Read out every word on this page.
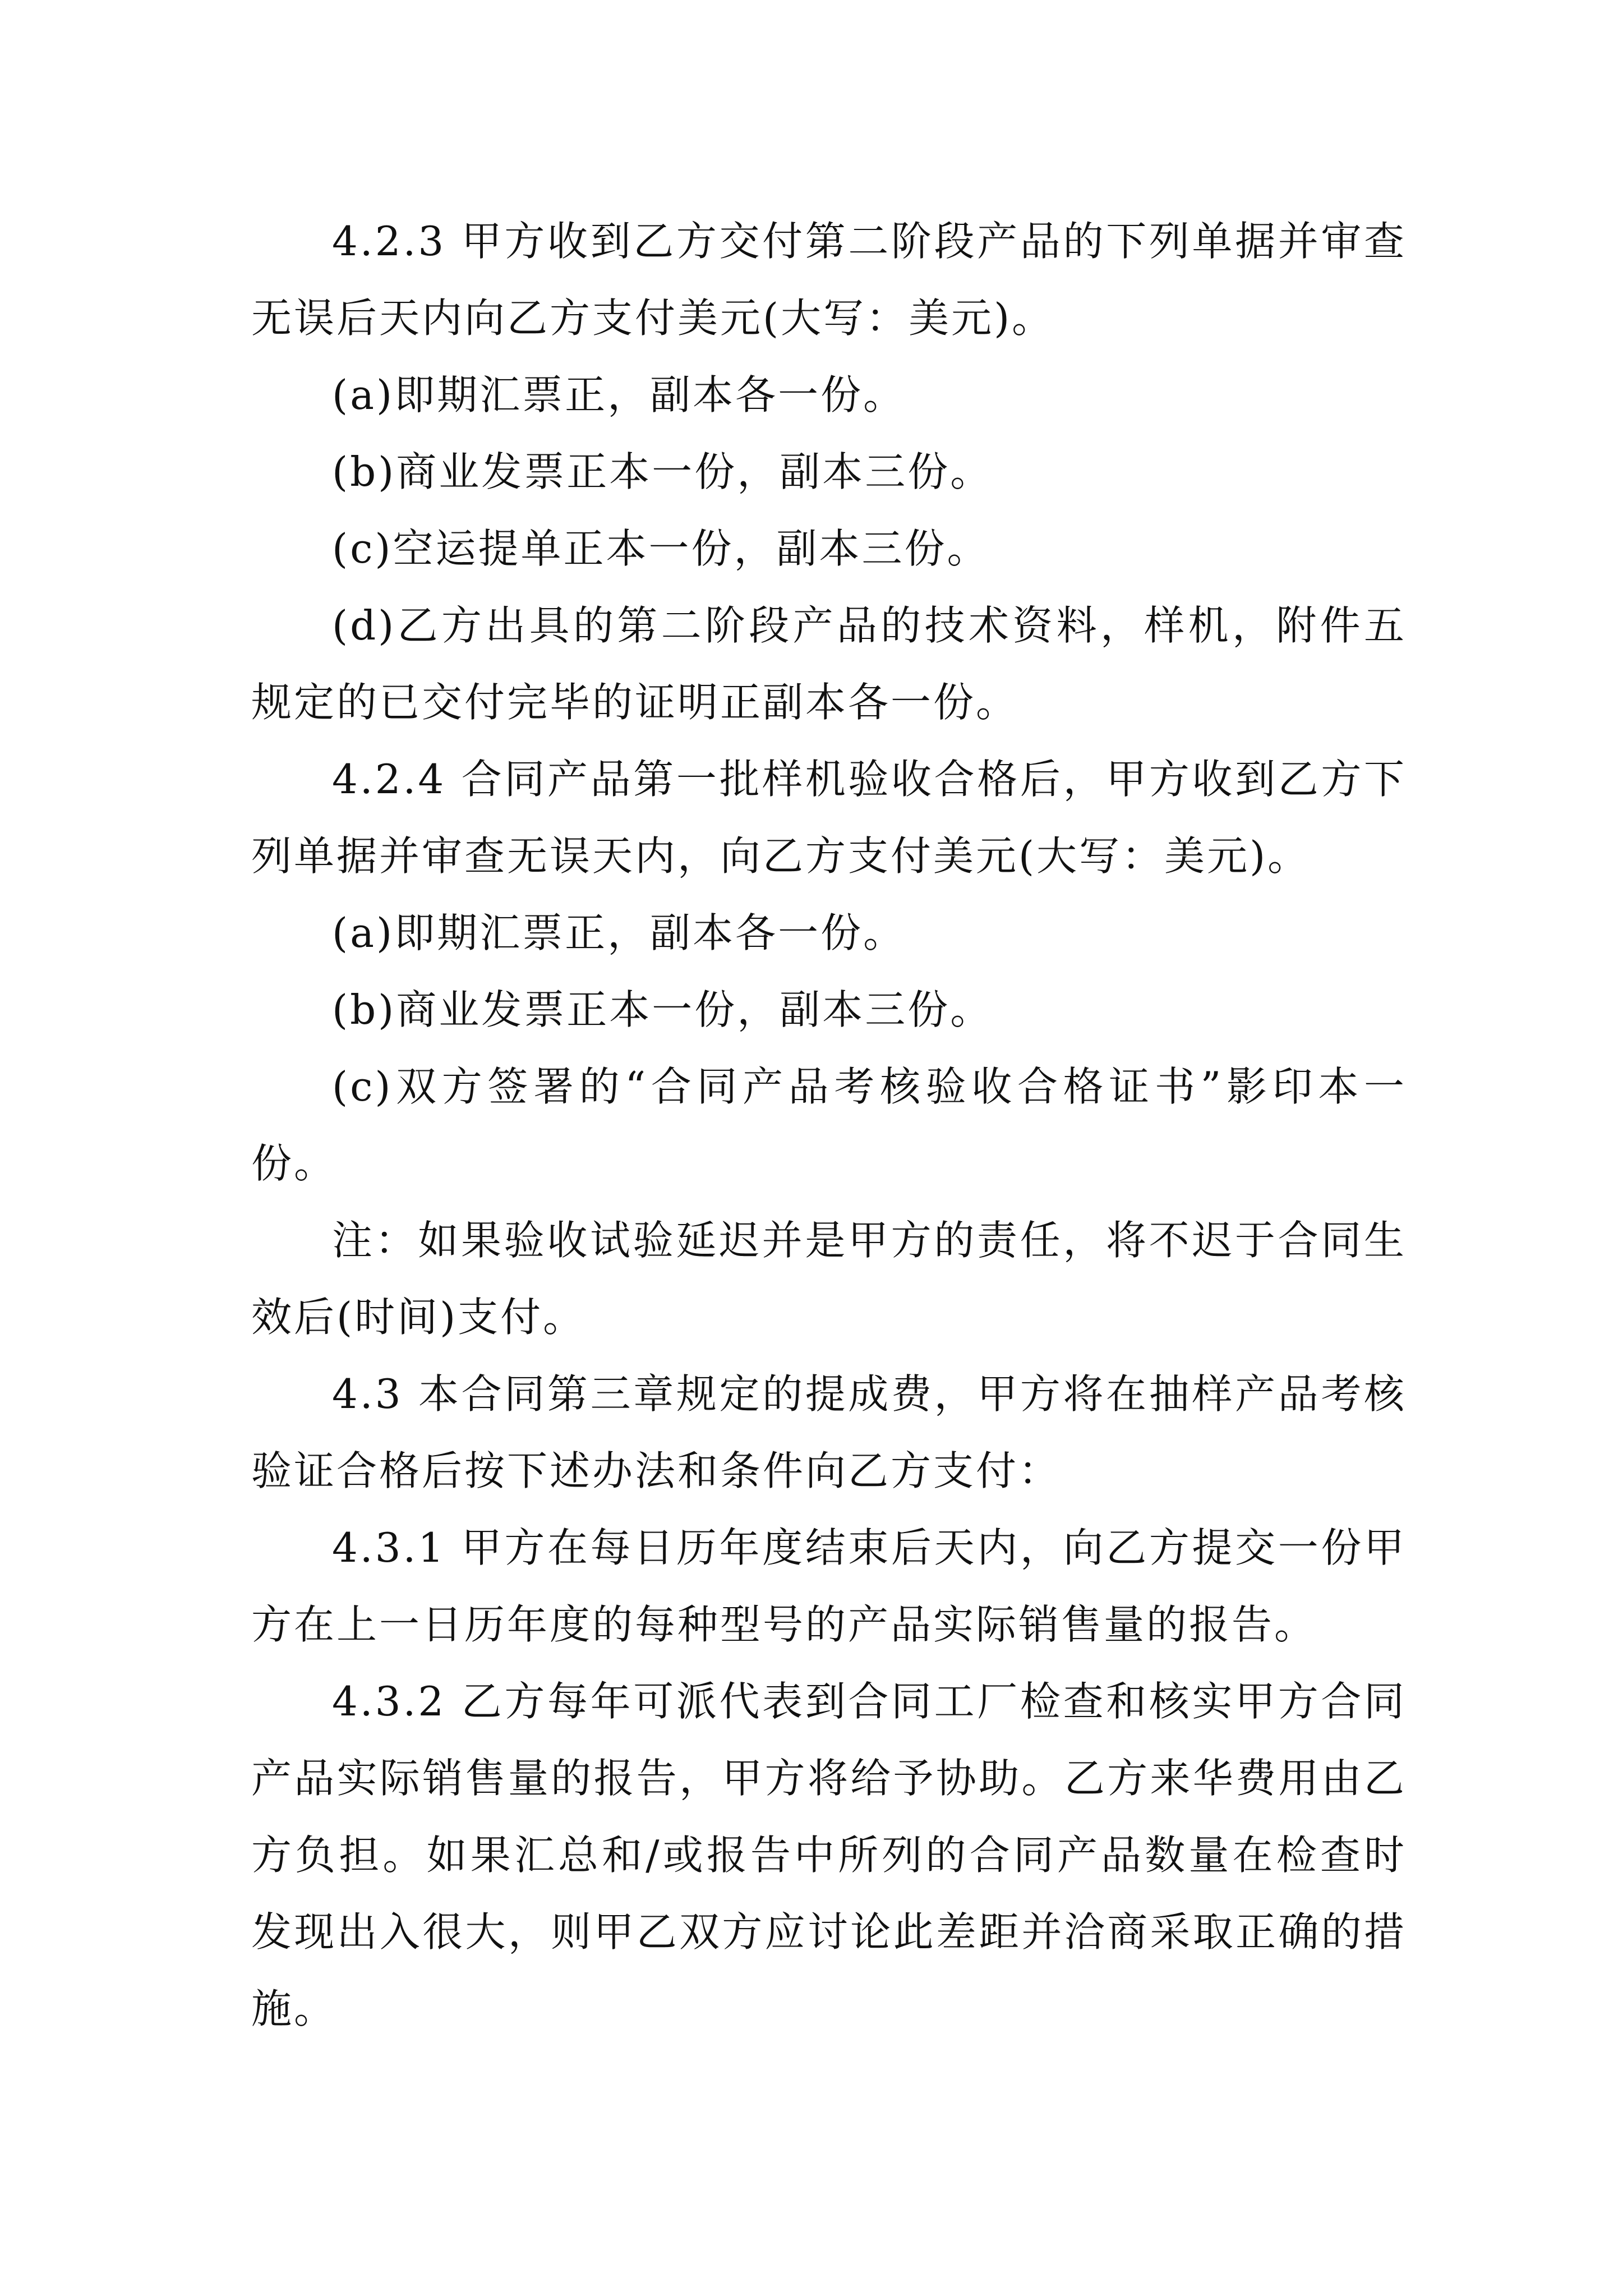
4.2.3 甲方收到乙方交付第二阶段产品的下列单据并审查无误后天内向乙方支付美元(大写：美元)。

(a)即期汇票正，副本各一份。

(b)商业发票正本一份，副本三份。

(c)空运提单正本一份，副本三份。

(d)乙方出具的第二阶段产品的技术资料，样机，附件五规定的已交付完毕的证明正副本各一份。

4.2.4 合同产品第一批样机验收合格后，甲方收到乙方下列单据并审查无误天内，向乙方支付美元(大写：美元)。

(a)即期汇票正，副本各一份。

(b)商业发票正本一份，副本三份。

(c)双方签署的“合同产品考核验收合格证书”影印本一份。

注：如果验收试验延迟并是甲方的责任，将不迟于合同生效后(时间)支付。

4.3 本合同第三章规定的提成费，甲方将在抽样产品考核验证合格后按下述办法和条件向乙方支付：

4.3.1 甲方在每日历年度结束后天内，向乙方提交一份甲方在上一日历年度的每种型号的产品实际销售量的报告。

4.3.2 乙方每年可派代表到合同工厂检查和核实甲方合同产品实际销售量的报告，甲方将给予协助。乙方来华费用由乙方负担。如果汇总和/或报告中所列的合同产品数量在检查时发现出入很大，则甲乙双方应讨论此差距并洽商采取正确的措施。
